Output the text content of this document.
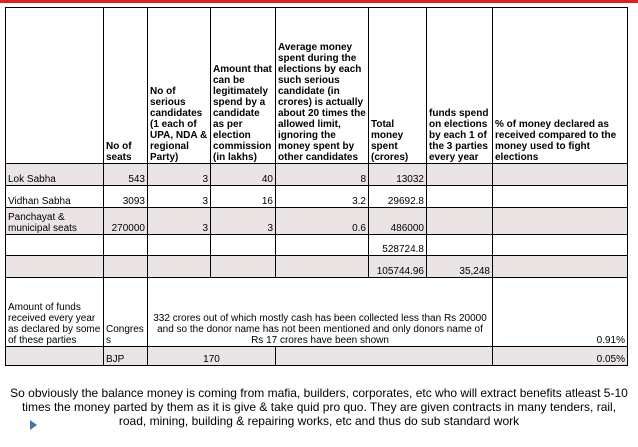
	No of seats	No of serious candidates (1 each of UPA, NDA & regional Party)	Amount that can be legitimately spend by a candidate as per election commission (in lakhs)	Average money spent during the elections by each such serious candidate (in crores) is actually about 20 times the allowed limit, ignoring the money spent by other candidates	Total money spent (crores)	funds spend on elections by each 1 of the 3 parties every year	% of money declared as received compared to the money used to fight elections
Lok Sabha	543	3	40	8	13032		
Vidhan Sabha	3093	3	16	3.2	29692.8		
Panchayat & municipal seats	270000	3	3	0.6	486000		
					528724.8		
					105744.96	35,248	
Amount of funds received every year as declared by some of these parties	Congress	332 crores out of which mostly cash has been collected less than Rs 20000 and so the donor name has not been mentioned and only donors name of Rs 17 crores have been shown					0.91%
	BJP	170					0.05%
So obviously the balance money is coming from mafia, builders, corporates, etc who will extract benefits atleast 5-10 times the money parted by them as it is give & take quid pro quo. They are given contracts in many tenders, rail, road, mining, building & repairing works, etc and thus do sub standard work
